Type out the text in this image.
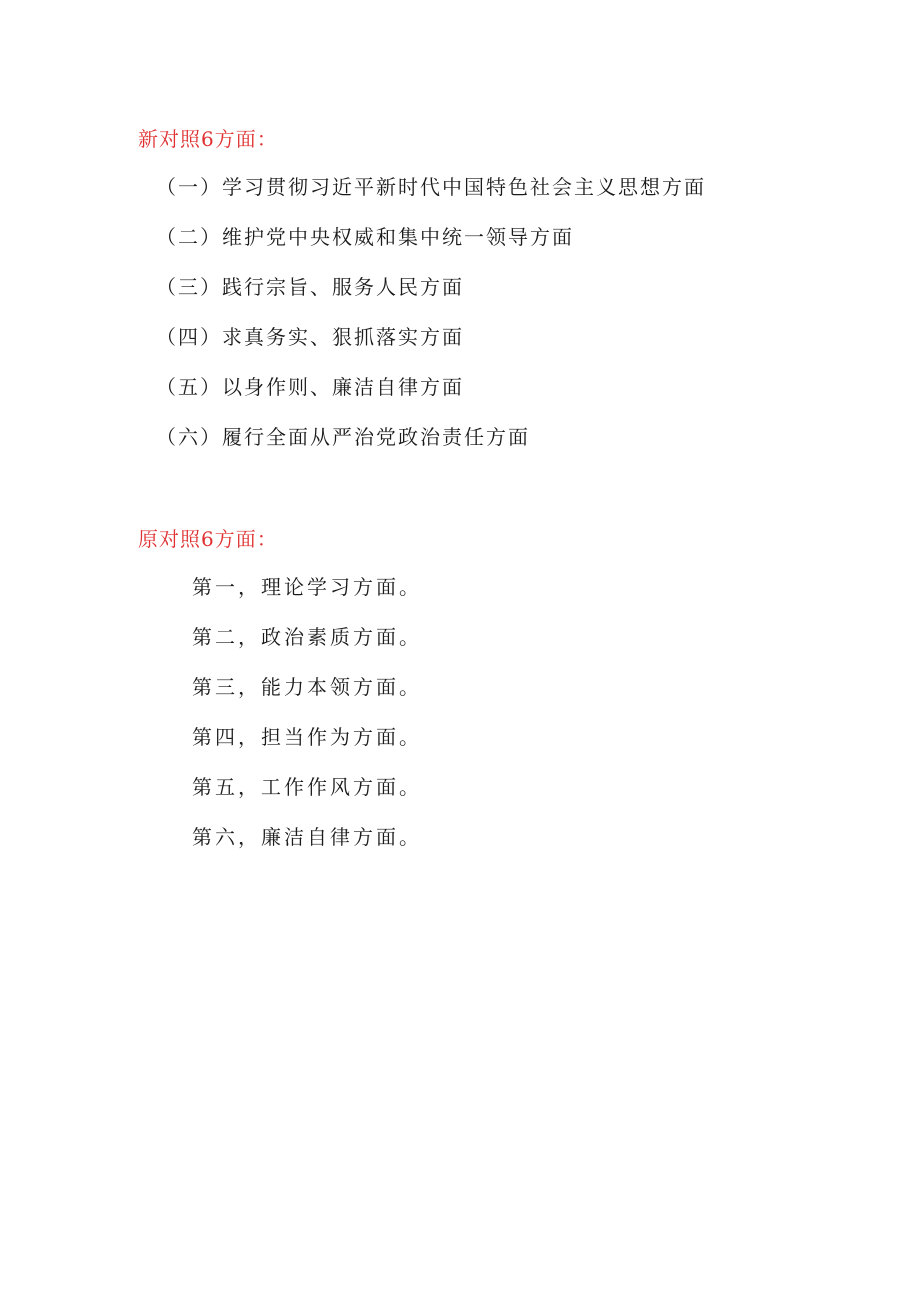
新对照6方面：
（一）学习贯彻习近平新时代中国特色社会主义思想方面
（二）维护党中央权威和集中统一领导方面
（三）践行宗旨、服务人民方面
（四）求真务实、狠抓落实方面
（五）以身作则、廉洁自律方面
（六）履行全面从严治党政治责任方面
原对照6方面：
第一，理论学习方面。
第二，政治素质方面。
第三，能力本领方面。
第四，担当作为方面。
第五，工作作风方面。
第六，廉洁自律方面。
